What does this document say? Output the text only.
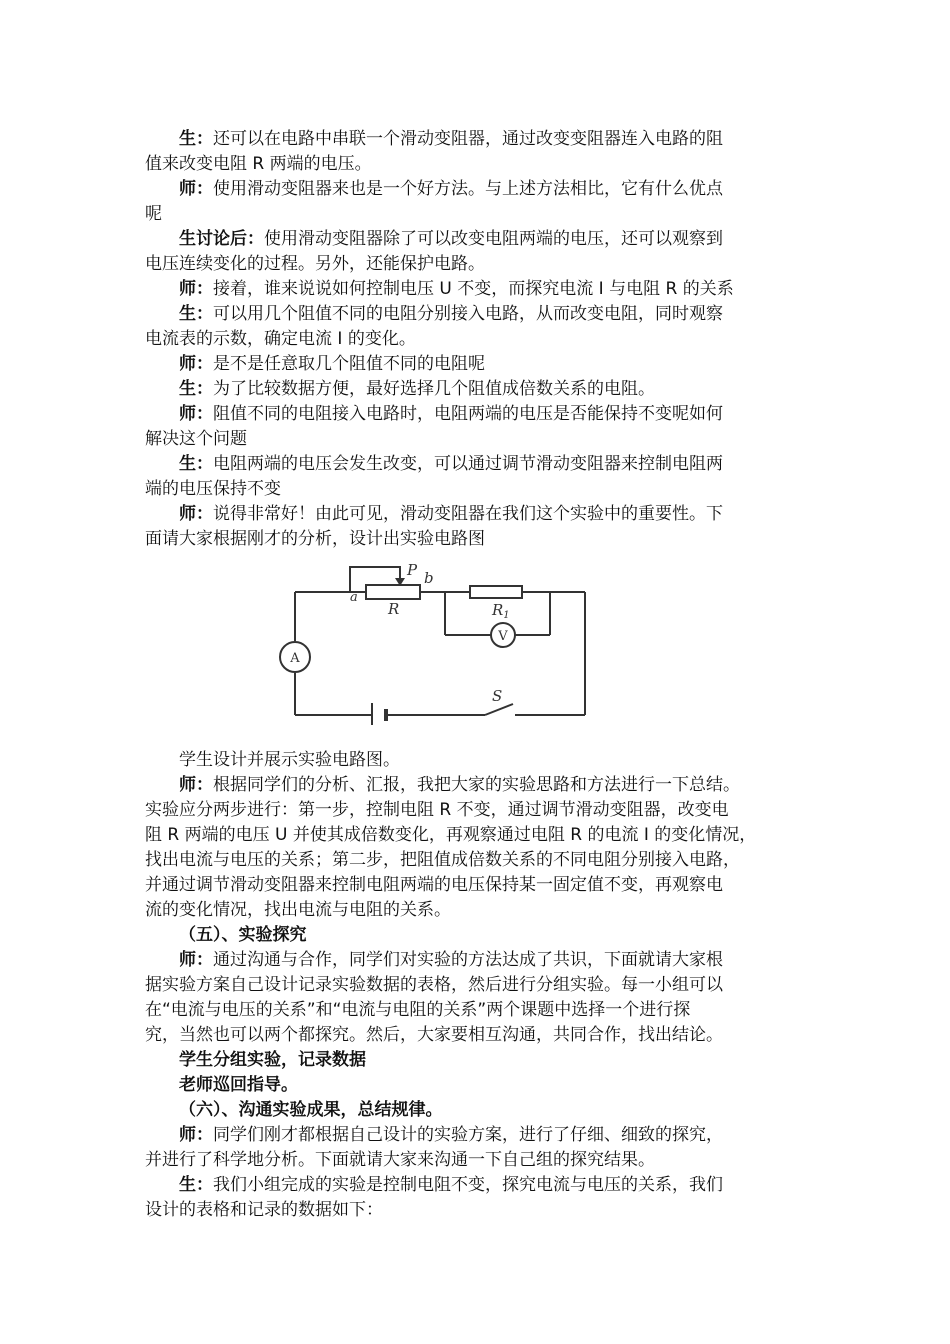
生：还可以在电路中串联一个滑动变阻器，通过改变变阻器连入电路的阻

值来改变电阻 R 两端的电压。

师：使用滑动变阻器来也是一个好方法。与上述方法相比，它有什么优点

呢

生讨论后：使用滑动变阻器除了可以改变电阻两端的电压，还可以观察到

电压连续变化的过程。另外，还能保护电路。

师：接着，谁来说说如何控制电压 U 不变，而探究电流 I 与电阻 R 的关系

生：可以用几个阻值不同的电阻分别接入电路，从而改变电阻，同时观察

电流表的示数，确定电流 I 的变化。

师：是不是任意取几个阻值不同的电阻呢

生：为了比较数据方便，最好选择几个阻值成倍数关系的电阻。

师：阻值不同的电阻接入电路时，电阻两端的电压是否能保持不变呢如何

解决这个问题

生：电阻两端的电压会发生改变，可以通过调节滑动变阻器来控制电阻两

端的电压保持不变

师：说得非常好！由此可见，滑动变阻器在我们这个实验中的重要性。下

面请大家根据刚才的分析，设计出实验电路图

P b
a
R	$R_1$
S
V
A

学生设计并展示实验电路图。

师：根据同学们的分析、汇报，我把大家的实验思路和方法进行一下总结。

实验应分两步进行：第一步，控制电阻 R 不变，通过调节滑动变阻器，改变电

阻 R 两端的电压 U 并使其成倍数变化，再观察通过电阻 R 的电流 I 的变化情况，

找出电流与电压的关系；第二步，把阻值成倍数关系的不同电阻分别接入电路，

并通过调节滑动变阻器来控制电阻两端的电压保持某一固定值不变，再观察电

流的变化情况，找出电流与电阻的关系。

（五）、实验探究

师：通过沟通与合作，同学们对实验的方法达成了共识，下面就请大家根

据实验方案自己设计记录实验数据的表格，然后进行分组实验。每一小组可以

在“电流与电压的关系”和“电流与电阻的关系”两个课题中选择一个进行探

究，当然也可以两个都探究。然后，大家要相互沟通，共同合作，找出结论。

学生分组实验，记录数据

老师巡回指导。

（六）、沟通实验成果，总结规律。

师：同学们刚才都根据自己设计的实验方案，进行了仔细、细致的探究，

并进行了科学地分析。下面就请大家来沟通一下自己组的探究结果。

生：我们小组完成的实验是控制电阻不变，探究电流与电压的关系，我们

设计的表格和记录的数据如下：
